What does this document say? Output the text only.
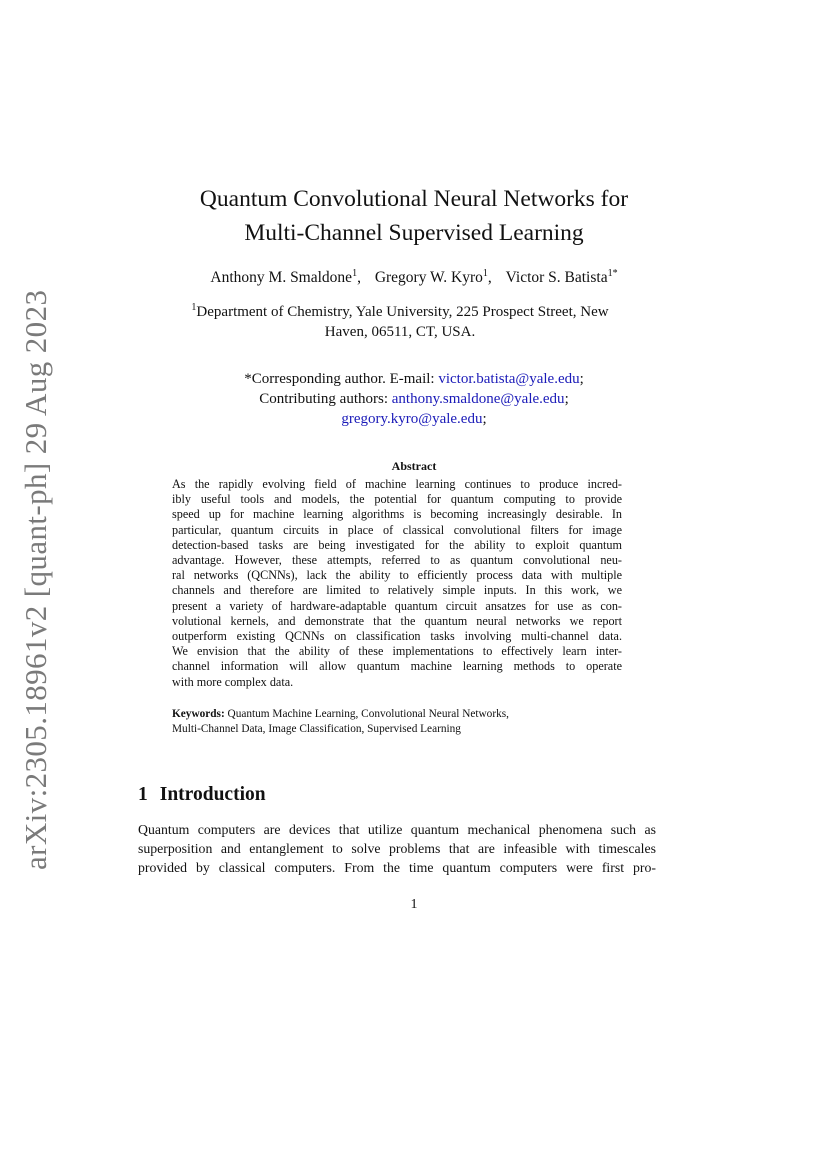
arXiv:2305.18961v2 [quant-ph] 29 Aug 2023
Quantum Convolutional Neural Networks for
Multi-Channel Supervised Learning
Anthony M. Smaldone$^1$, Gregory W. Kyro$^1$, Victor S. Batista$^{1*}$
$^1$Department of Chemistry, Yale University, 225 Prospect Street, New
Haven, 06511, CT, USA.
*Corresponding author. E-mail: victor.batista@yale.edu;
Contributing authors: anthony.smaldone@yale.edu;
gregory.kyro@yale.edu;
Abstract
As the rapidly evolving field of machine learning continues to produce incred-
ibly useful tools and models, the potential for quantum computing to provide
speed up for machine learning algorithms is becoming increasingly desirable. In
particular, quantum circuits in place of classical convolutional filters for image
detection-based tasks are being investigated for the ability to exploit quantum
advantage. However, these attempts, referred to as quantum convolutional neu-
ral networks (QCNNs), lack the ability to efficiently process data with multiple
channels and therefore are limited to relatively simple inputs. In this work, we
present a variety of hardware-adaptable quantum circuit ansatzes for use as con-
volutional kernels, and demonstrate that the quantum neural networks we report
outperform existing QCNNs on classification tasks involving multi-channel data.
We envision that the ability of these implementations to effectively learn inter-
channel information will allow quantum machine learning methods to operate
with more complex data.
Keywords: Quantum Machine Learning, Convolutional Neural Networks,
Multi-Channel Data, Image Classification, Supervised Learning
1 Introduction
Quantum computers are devices that utilize quantum mechanical phenomena such as
superposition and entanglement to solve problems that are infeasible with timescales
provided by classical computers. From the time quantum computers were first pro-
1
